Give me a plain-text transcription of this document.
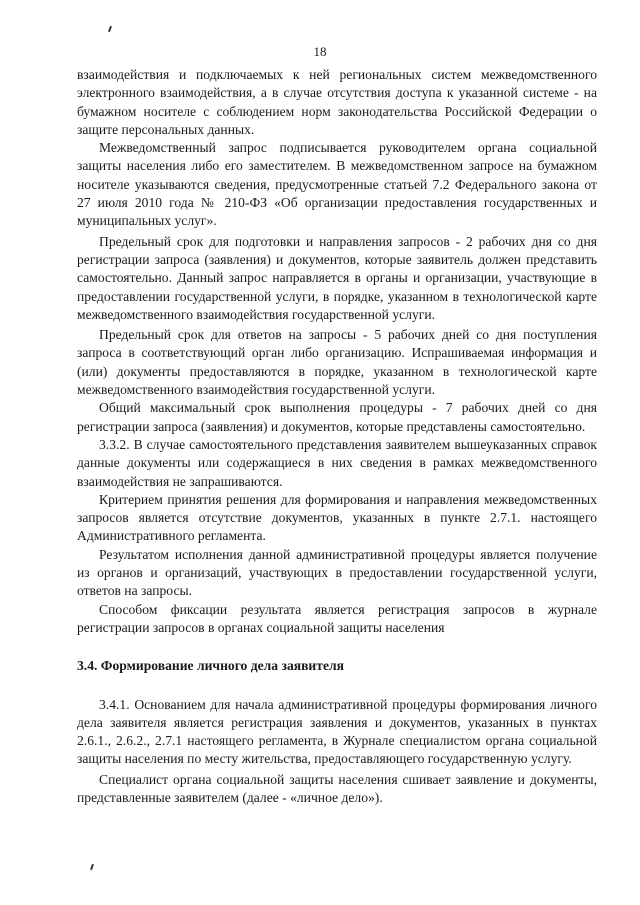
18

взаимодействия и подключаемых к ней региональных систем межведомственного электронного взаимодействия, а в случае отсутствия доступа к указанной системе - на бумажном носителе с соблюдением норм законодательства Российской Федерации о защите персональных данных.

Межведомственный запрос подписывается руководителем органа социальной защиты населения либо его заместителем. В межведомственном запросе на бумажном носителе указываются сведения, предусмотренные статьей 7.2 Федерального закона от 27 июля 2010 года № 210-ФЗ «Об организации предоставления государственных и муниципальных услуг».

Предельный срок для подготовки и направления запросов - 2 рабочих дня со дня регистрации запроса (заявления) и документов, которые заявитель должен представить самостоятельно. Данный запрос направляется в органы и организации, участвующие в предоставлении государственной услуги, в порядке, указанном в технологической карте межведомственного взаимодействия государственной услуги.

Предельный срок для ответов на запросы - 5 рабочих дней со дня поступления запроса в соответствующий орган либо организацию. Испрашиваемая информация и (или) документы предоставляются в порядке, указанном в технологической карте межведомственного взаимодействия государственной услуги.

Общий максимальный срок выполнения процедуры - 7 рабочих дней со дня регистрации запроса (заявления) и документов, которые представлены самостоятельно.

3.3.2. В случае самостоятельного представления заявителем вышеуказанных справок данные документы или содержащиеся в них сведения в рамках межведомственного взаимодействия не запрашиваются.

Критерием принятия решения для формирования и направления межведомственных запросов является отсутствие документов, указанных в пункте 2.7.1. настоящего Административного регламента.

Результатом исполнения данной административной процедуры является получение из органов и организаций, участвующих в предоставлении государственной услуги, ответов на запросы.

Способом фиксации результата является регистрация запросов в журнале регистрации запросов в органах социальной защиты населения

3.4. Формирование личного дела заявителя

3.4.1. Основанием для начала административной процедуры формирования личного дела заявителя является регистрация заявления и документов, указанных в пунктах 2.6.1., 2.6.2., 2.7.1 настоящего регламента, в Журнале специалистом органа социальной защиты населения по месту жительства, предоставляющего государственную услугу.

Специалист органа социальной защиты населения сшивает заявление и документы, представленные заявителем (далее - «личное дело»).
